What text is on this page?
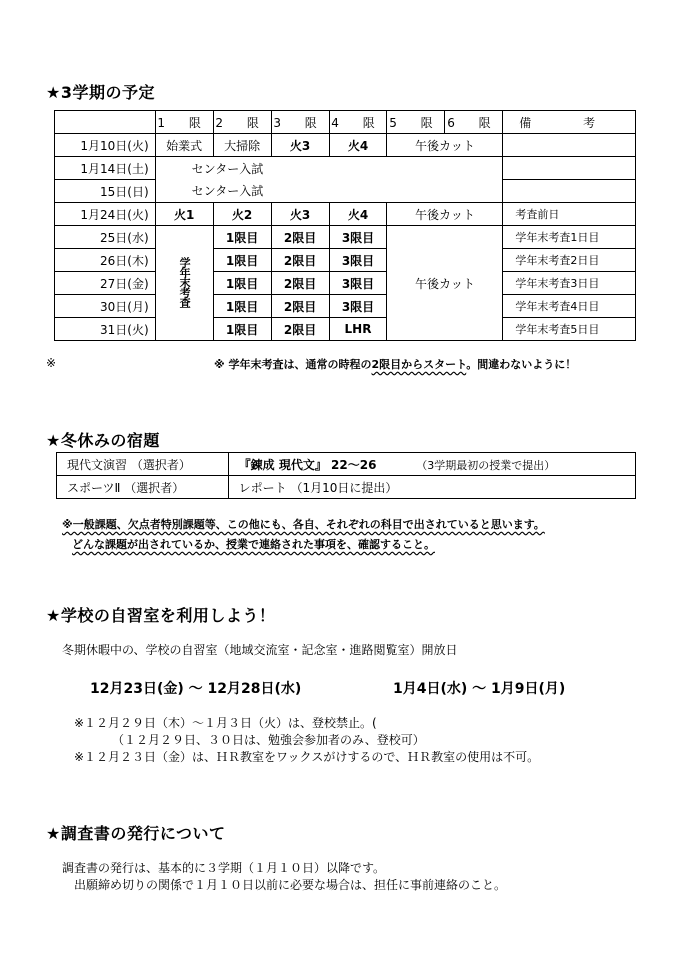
★3学期の予定
	1 限	2 限	3 限	4 限	5 限	6 限	備 考
1月10日(火)	始業式	大掃除	火3	火4	午後カット		
1月14日(土)	センター入試						
15日(日)	センター入試						
1月24日(火)	火1	火2	火3	火4	午後カット		考査前日
25日(水)	学年末考査	1限目	2限目	3限目	午後カット		学年末考査1日目
26日(木)		1限目	2限目	3限目			学年末考査2日目
27日(金)		1限目	2限目	3限目			学年末考査3日目
30日(月)		1限目	2限目	3限目			学年末考査4日目
31日(火)		1限目	2限目	LHR			学年末考査5日目
※	※ 学年末考査は、通常の時程の2限目からスタート。間違わないように！
★冬休みの宿題
現代文演習 （選択者）	『錬成 現代文』 22～26 （3学期最初の授業で提出）
スポーツⅡ （選択者）	レポート （1月10日に提出）
※一般課題、欠点者特別課題等、この他にも、各自、それぞれの科目で出されていると思います。
どんな課題が出されているか、授業で連絡された事項を、確認すること。
★学校の自習室を利用しよう！
冬期休暇中の、学校の自習室（地域交流室・記念室・進路閲覧室）開放日
12月23日(金) ～ 12月28日(水)	1月4日(水) ～ 1月9日(月)
※１２月２９日（木）～１月３日（火）は、登校禁止。(
（１２月２９日、３０日は、勉強会参加者のみ、登校可）
※１２月２３日（金）は、ＨＲ教室をワックスがけするので、ＨＲ教室の使用は不可。
★調査書の発行について
調査書の発行は、基本的に３学期（１月１０日）以降です。
出願締め切りの関係で１月１０日以前に必要な場合は、担任に事前連絡のこと。
